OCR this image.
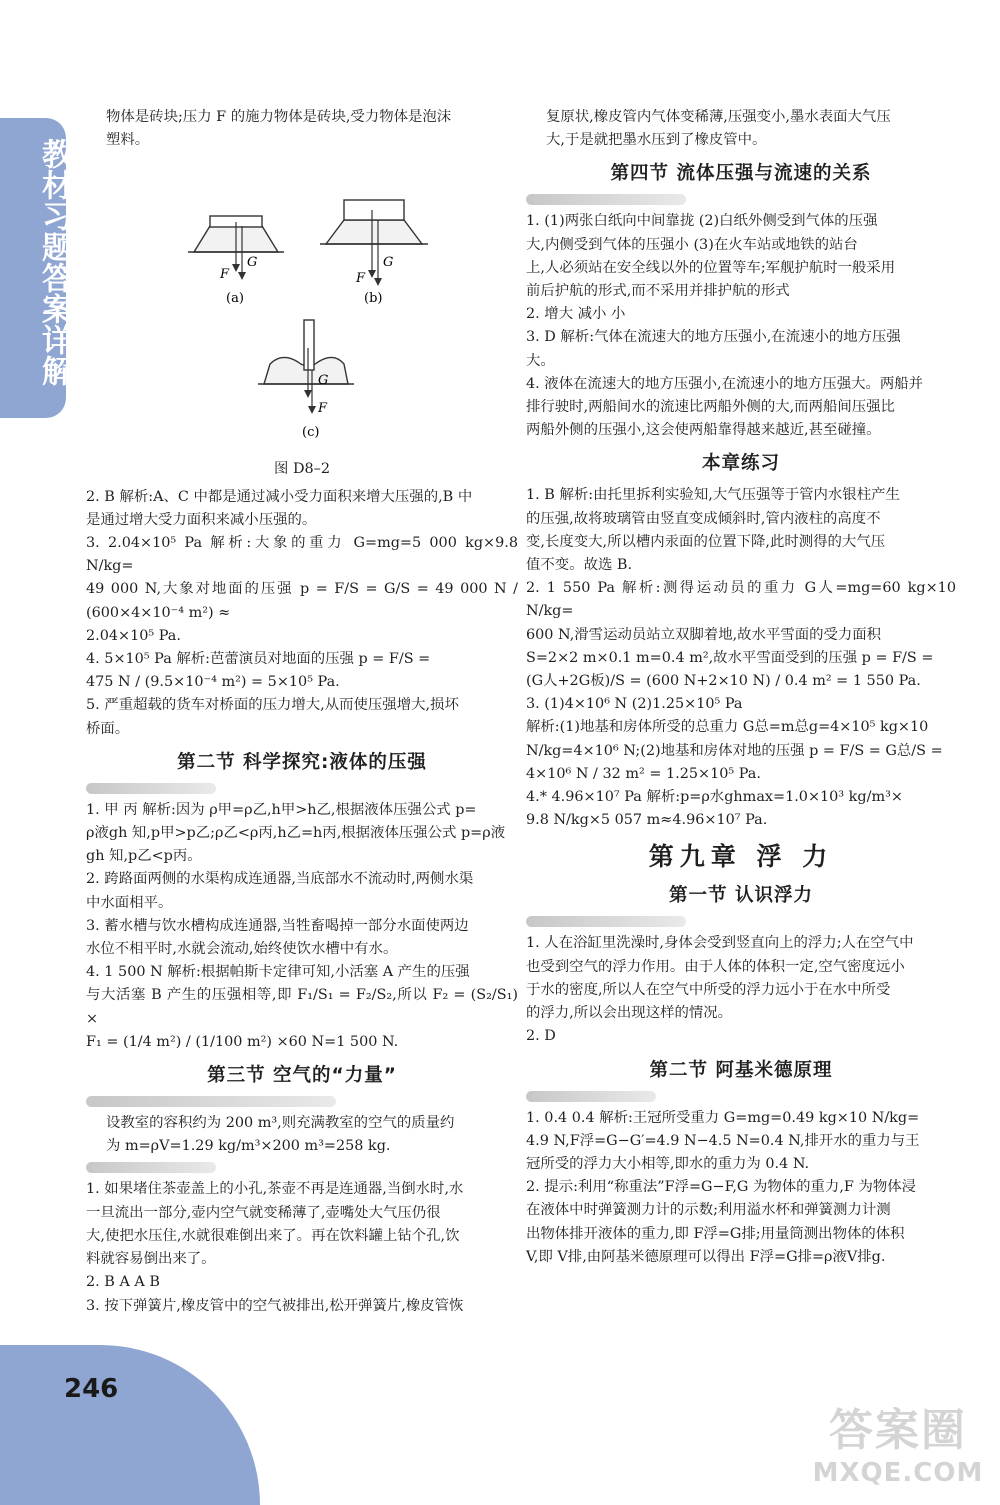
教材习题答案详解
246
答案圈
MXQE.COM

物体是砖块;压力 F 的施力物体是砖块,受力物体是泡沫
塑料。

F
G
(a)
F
G
(b)
G
F
(c)
图 D8–2

2. B 解析:A、C 中都是通过减小受力面积来增大压强的,B 中
是通过增大受力面积来减小压强的。

3. 2.04×10⁵ Pa 解析:大象的重力 G=mg=5 000 kg×9.8 N/kg=
49 000 N,大象对地面的压强 p = F/S = G/S = 49 000 N / (600×4×10⁻⁴ m²) ≈
2.04×10⁵ Pa.

4. 5×10⁵ Pa 解析:芭蕾演员对地面的压强 p = F/S =
475 N / (9.5×10⁻⁴ m²) = 5×10⁵ Pa.

5. 严重超载的货车对桥面的压力增大,从而使压强增大,损坏
桥面。

第二节 科学探究:液体的压强

1. 甲 丙 解析:因为 ρ甲=ρ乙,h甲>h乙,根据液体压强公式 p=
ρ液gh 知,p甲>p乙;ρ乙<ρ丙,h乙=h丙,根据液体压强公式 p=ρ液
gh 知,p乙<p丙。

2. 跨路面两侧的水渠构成连通器,当底部水不流动时,两侧水渠
中水面相平。

3. 蓄水槽与饮水槽构成连通器,当牲畜喝掉一部分水面使两边
水位不相平时,水就会流动,始终使饮水槽中有水。

4. 1 500 N 解析:根据帕斯卡定律可知,小活塞 A 产生的压强
与大活塞 B 产生的压强相等,即 F₁/S₁ = F₂/S₂,所以 F₂ = (S₂/S₁) ×
F₁ = (1/4 m²) / (1/100 m²) ×60 N=1 500 N.

第三节 空气的“力量”

设教室的容积约为 200 m³,则充满教室的空气的质量约
为 m=ρV=1.29 kg/m³×200 m³=258 kg.

1. 如果堵住茶壶盖上的小孔,茶壶不再是连通器,当倒水时,水
一旦流出一部分,壶内空气就变稀薄了,壶嘴处大气压仍很
大,使把水压住,水就很难倒出来了。再在饮料罐上钻个孔,饮
料就容易倒出来了。

2. B A A B

3. 按下弹簧片,橡皮管中的空气被排出,松开弹簧片,橡皮管恢

复原状,橡皮管内气体变稀薄,压强变小,墨水表面大气压
大,于是就把墨水压到了橡皮管中。

第四节 流体压强与流速的关系

1. (1)两张白纸向中间靠拢 (2)白纸外侧受到气体的压强
大,内侧受到气体的压强小 (3)在火车站或地铁的站台
上,人必须站在安全线以外的位置等车;军舰护航时一般采用
前后护航的形式,而不采用并排护航的形式

2. 增大 减小 小

3. D 解析:气体在流速大的地方压强小,在流速小的地方压强
大。

4. 液体在流速大的地方压强小,在流速小的地方压强大。两船并
排行驶时,两船间水的流速比两船外侧的大,而两船间压强比
两船外侧的压强小,这会使两船靠得越来越近,甚至碰撞。

本章练习

1. B 解析:由托里拆利实验知,大气压强等于管内水银柱产生
的压强,故将玻璃管由竖直变成倾斜时,管内液柱的高度不
变,长度变大,所以槽内汞面的位置下降,此时测得的大气压
值不变。故选 B.

2. 1 550 Pa 解析:测得运动员的重力 G人=mg=60 kg×10 N/kg=
600 N,滑雪运动员站立双脚着地,故水平雪面的受力面积
S=2×2 m×0.1 m=0.4 m²,故水平雪面受到的压强 p = F/S =
(G人+2G板)/S = (600 N+2×10 N) / 0.4 m² = 1 550 Pa.

3. (1)4×10⁶ N (2)1.25×10⁵ Pa
解析:(1)地基和房体所受的总重力 G总=m总g=4×10⁵ kg×10
N/kg=4×10⁶ N;(2)地基和房体对地的压强 p = F/S = G总/S =
4×10⁶ N / 32 m² = 1.25×10⁵ Pa.

4.* 4.96×10⁷ Pa 解析:p=ρ水ghmax=1.0×10³ kg/m³×
9.8 N/kg×5 057 m≈4.96×10⁷ Pa.

第九章 浮 力
第一节 认识浮力

1. 人在浴缸里洗澡时,身体会受到竖直向上的浮力;人在空气中
也受到空气的浮力作用。由于人体的体积一定,空气密度远小
于水的密度,所以人在空气中所受的浮力远小于在水中所受
的浮力,所以会出现这样的情况。

2. D

第二节 阿基米德原理

1. 0.4 0.4 解析:王冠所受重力 G=mg=0.49 kg×10 N/kg=
4.9 N,F浮=G−G′=4.9 N−4.5 N=0.4 N,排开水的重力与王
冠所受的浮力大小相等,即水的重力为 0.4 N.

2. 提示:利用“称重法”F浮=G−F,G 为物体的重力,F 为物体浸
在液体中时弹簧测力计的示数;利用溢水杯和弹簧测力计测
出物体排开液体的重力,即 F浮=G排;用量筒测出物体的体积
V,即 V排,由阿基米德原理可以得出 F浮=G排=ρ液V排g.
